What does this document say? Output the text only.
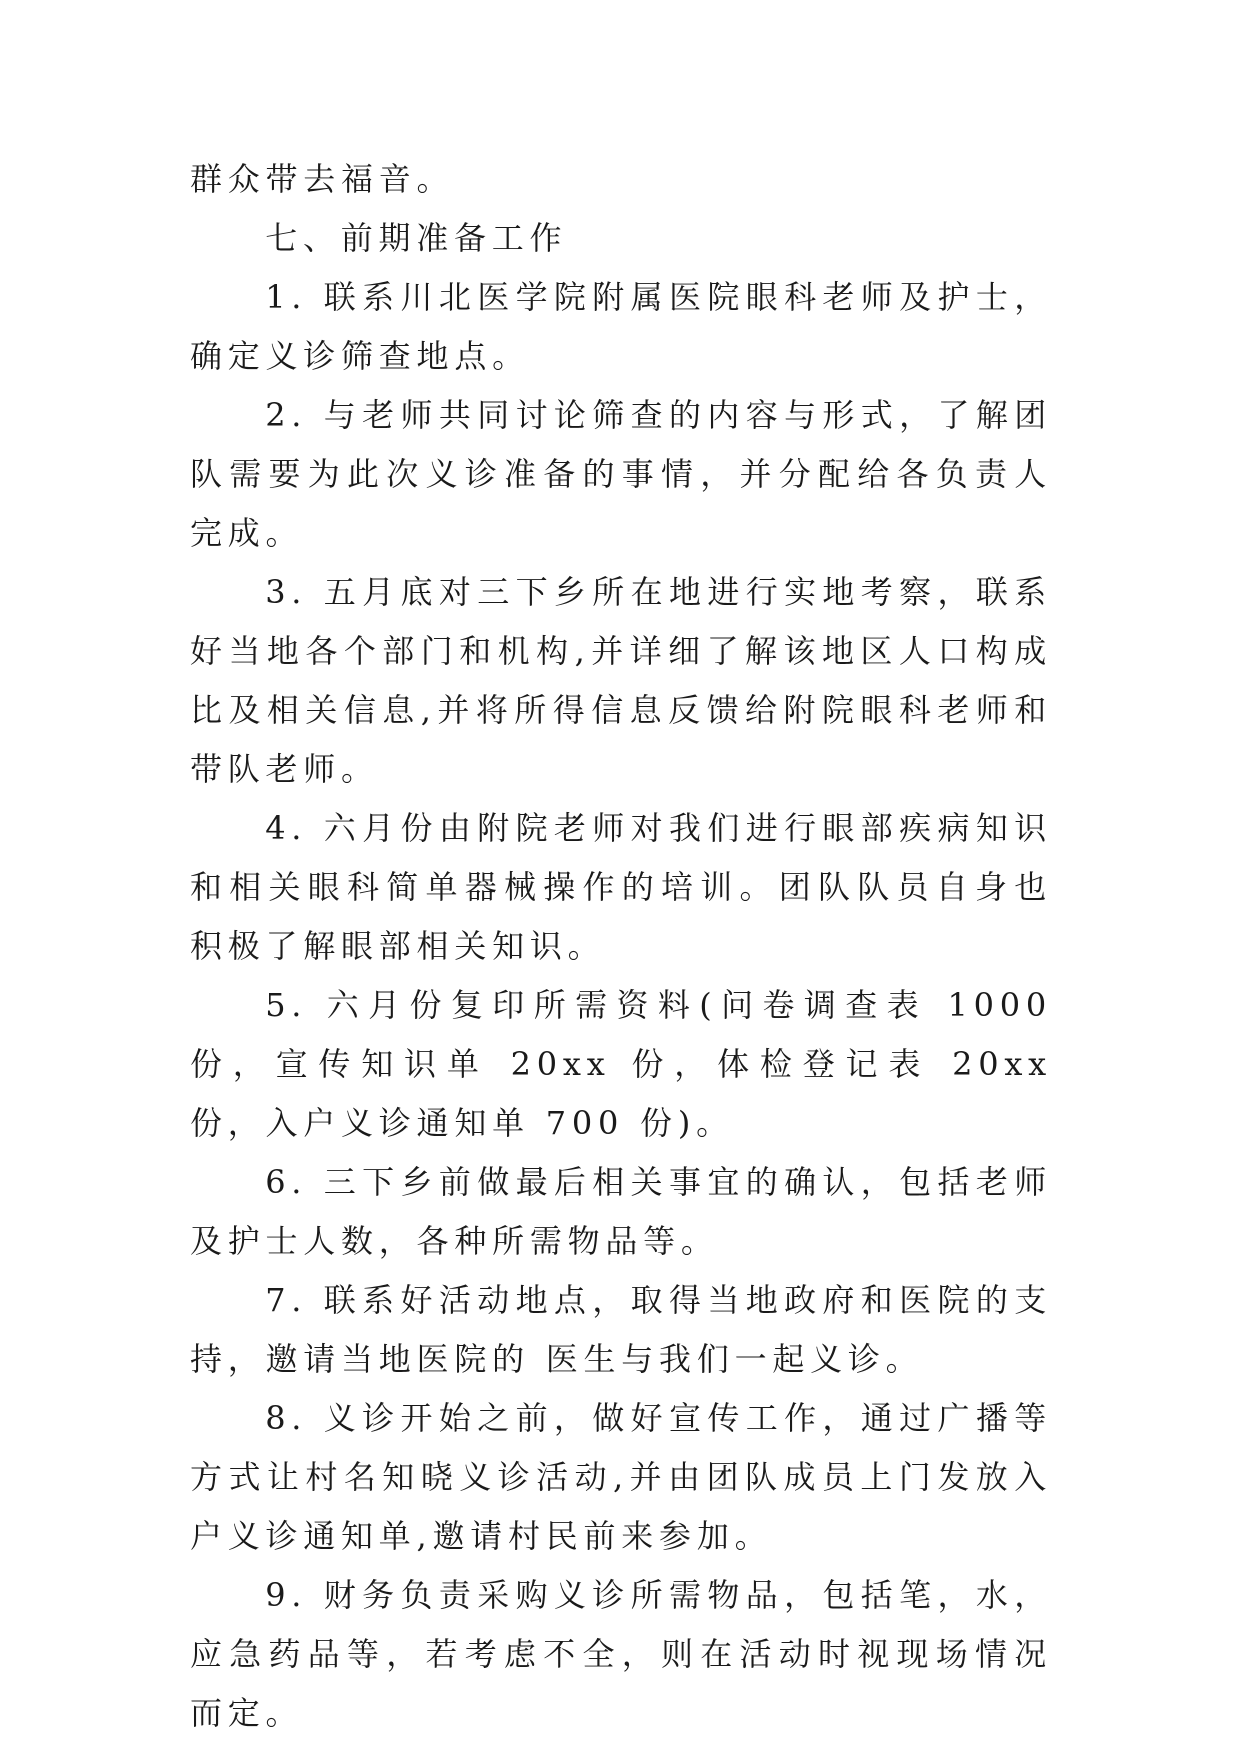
群众带去福音。

七、前期准备工作

1. 联系川北医学院附属医院眼科老师及护士，确定义诊筛查地点。

2. 与老师共同讨论筛查的内容与形式，了解团队需要为此次义诊准备的事情，并分配给各负责人完成。

3. 五月底对三下乡所在地进行实地考察，联系好当地各个部门和机构,并详细了解该地区人口构成比及相关信息,并将所得信息反馈给附院眼科老师和带队老师。

4. 六月份由附院老师对我们进行眼部疾病知识和相关眼科简单器械操作的培训。团队队员自身也积极了解眼部相关知识。

5. 六月份复印所需资料(问卷调查表 1000 份，宣传知识单 20xx 份，体检登记表 20xx 份，入户义诊通知单 700 份)。

6. 三下乡前做最后相关事宜的确认，包括老师及护士人数，各种所需物品等。

7. 联系好活动地点，取得当地政府和医院的支持，邀请当地医院的 医生与我们一起义诊。

8. 义诊开始之前，做好宣传工作，通过广播等方式让村名知晓义诊活动,并由团队成员上门发放入户义诊通知单,邀请村民前来参加。

9. 财务负责采购义诊所需物品，包括笔，水，应急药品等，若考虑不全，则在活动时视现场情况而定。
